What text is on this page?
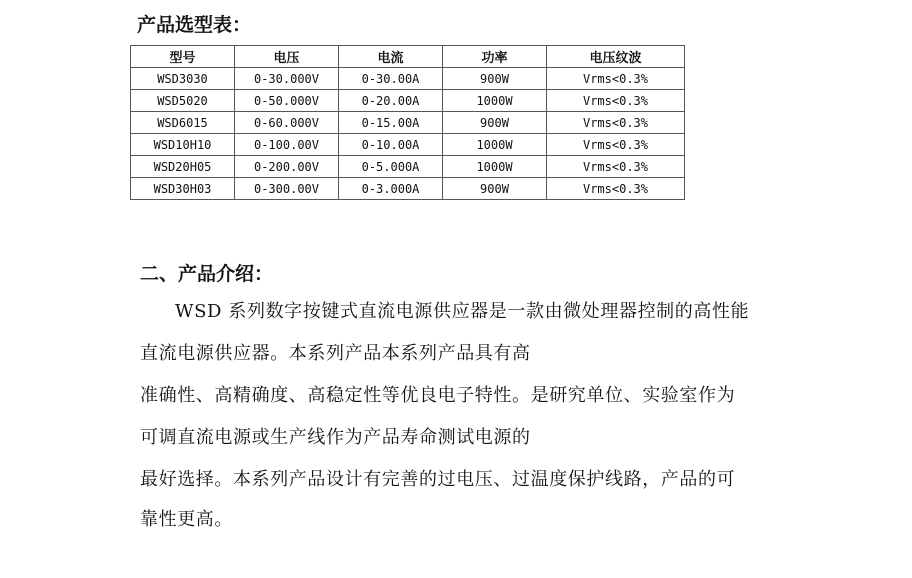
产品选型表：
型号	电压	电流	功率	电压纹波
WSD3030	0-30.000V	0-30.00A	900W	Vrms<0.3%
WSD5020	0-50.000V	0-20.00A	1000W	Vrms<0.3%
WSD6015	0-60.000V	0-15.00A	900W	Vrms<0.3%
WSD10H10	0-100.00V	0-10.00A	1000W	Vrms<0.3%
WSD20H05	0-200.00V	0-5.000A	1000W	Vrms<0.3%
WSD30H03	0-300.00V	0-3.000A	900W	Vrms<0.3%
二、产品介绍：

WSD 系列数字按键式直流电源供应器是一款由微处理器控制的高性能

直流电源供应器。本系列产品本系列产品具有高

准确性、高精确度、高稳定性等优良电子特性。是研究单位、实验室作为

可调直流电源或生产线作为产品寿命测试电源的

最好选择。本系列产品设计有完善的过电压、过温度保护线路，产品的可

靠性更高。
